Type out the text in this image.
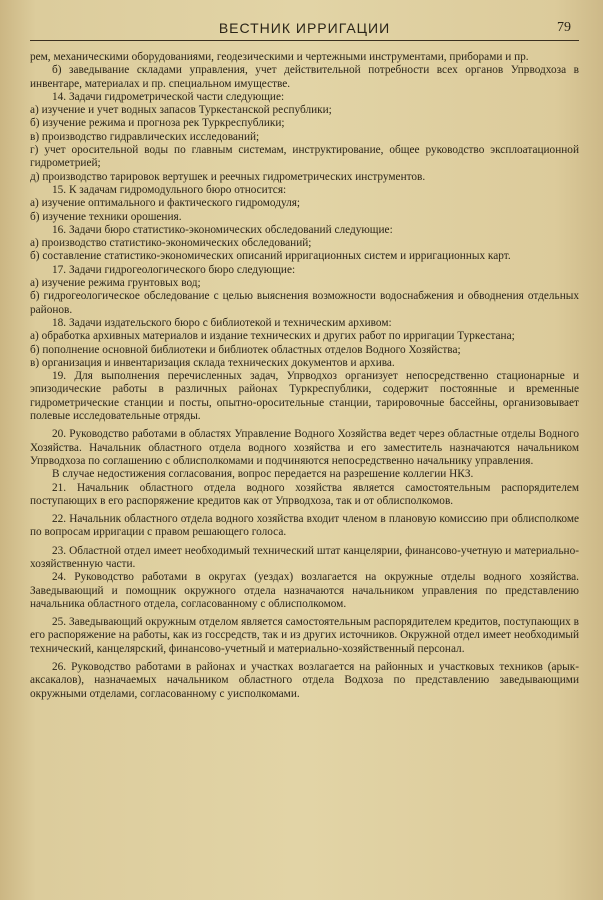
ВЕСТНИК ИРРИГАЦИИ	79

рем, механическими оборудованиями, геодезическими и чертежными инструментами, приборами и пр.

б) заведывание складами управления, учет действительной потребности всех органов Упрводхоза в инвентаре, материалах и пр. специальном имуществе.

14. Задачи гидрометрической части следующие:

а) изучение и учет водных запасов Туркестанской республики;

б) изучение режима и прогноза рек Туркреспублики;

в) производство гидравлических исследований;

г) учет оросительной воды по главным системам, инструктирование, общее руководство эксплоатационной гидрометрией;

д) производство тарировок вертушек и реечных гидрометрических инструментов.

15. К задачам гидромодульного бюро относится:

а) изучение оптимального и фактического гидромодуля;

б) изучение техники орошения.

16. Задачи бюро статистико-экономических обследований следующие:

а) производство статистико-экономических обследований;

б) составление статистико-экономических описаний ирригационных систем и ирригационных карт.

17. Задачи гидрогеологического бюро следующие:

а) изучение режима грунтовых вод;

б) гидрогеологическое обследование с целью выяснения возможности водоснабжения и обводнения отдельных районов.

18. Задачи издательского бюро с библиотекой и техническим архивом:

а) обработка архивных материалов и издание технических и других работ по ирригации Туркестана;

б) пополнение основной библиотеки и библиотек областных отделов Водного Хозяйства;

в) организация и инвентаризация склада технических документов и архива.

19. Для выполнения перечисленных задач, Упрводхоз организует непосредственно стационарные и эпизодические работы в различных районах Туркреспублики, содержит постоянные и временные гидрометрические станции и посты, опытно-оросительные станции, тарировочные бассейны, организовывает полевые исследовательные отряды.

20. Руководство работами в областях Управление Водного Хозяйства ведет через областные отделы Водного Хозяйства. Начальник областного отдела водного хозяйства и его заместитель назначаются начальником Упрводхоза по соглашению с облисполкомами и подчиняются непосредственно начальнику управления.

В случае недостижения согласования, вопрос передается на разрешение коллегии НКЗ.

21. Начальник областного отдела водного хозяйства является самостоятельным распорядителем поступающих в его распоряжение кредитов как от Упрводхоза, так и от облисполкомов.

22. Начальник областного отдела водного хозяйства входит членом в плановую комиссию при облисполкоме по вопросам ирригации с правом решающего голоса.

23. Областной отдел имеет необходимый технический штат канцелярии, финансово-учетную и материально-хозяйственную части.

24. Руководство работами в округах (уездах) возлагается на окружные отделы водного хозяйства. Заведывающий и помощник окружного отдела назначаются начальником управления по представлению начальника областного отдела, согласованному с облисполкомом.

25. Заведывающий окружным отделом является самостоятельным распорядителем кредитов, поступающих в его распоряжение на работы, как из госсредств, так и из других источников. Окружной отдел имеет необходимый технический, канцелярский, финансово-учетный и материально-хозяйственный персонал.

26. Руководство работами в районах и участках возлагается на районных и участковых техников (арык-аксакалов), назначаемых начальником областного отдела Водхоза по представлению заведывающими окружными отделами, согласованному с уисполкомами.
